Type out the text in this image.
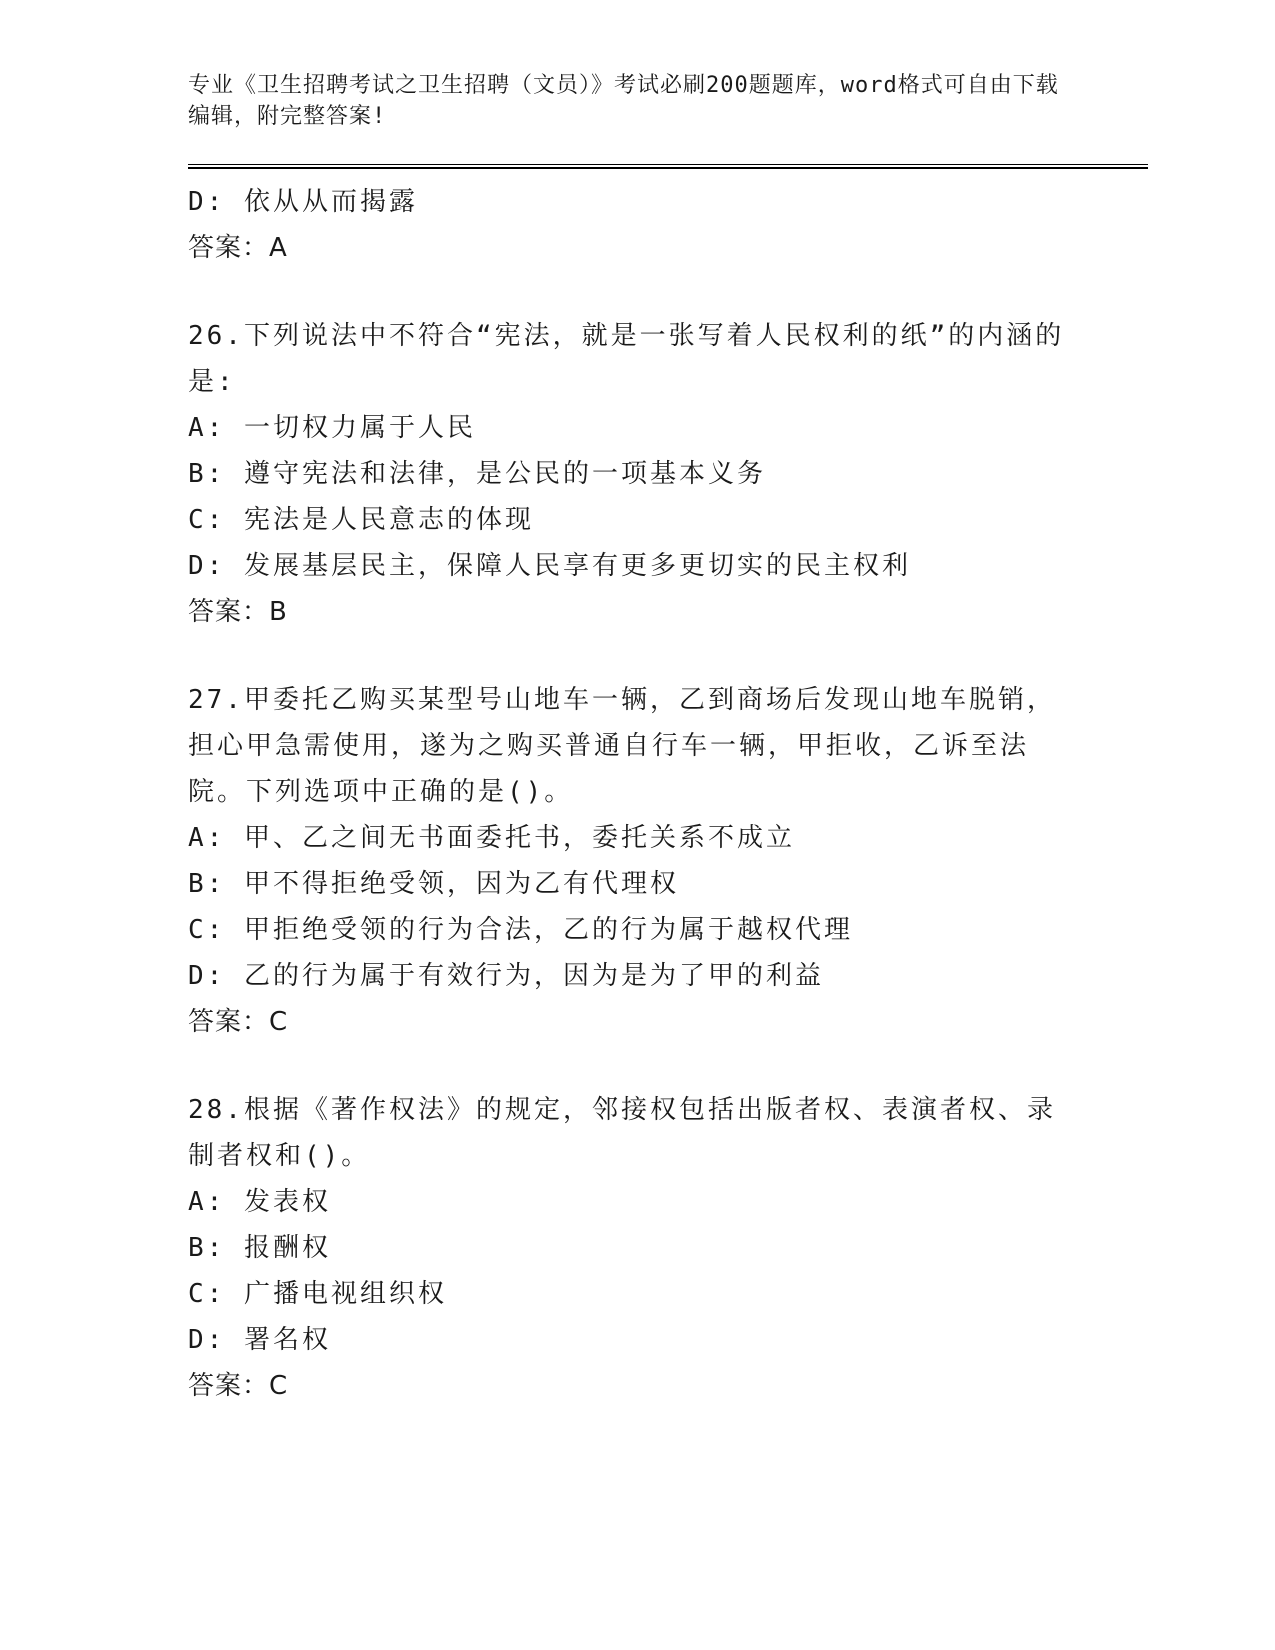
专业《卫生招聘考试之卫生招聘（文员）》考试必刷200题题库，word格式可自由下载编辑，附完整答案!

D: 依从从而揭露
答案：A
26.下列说法中不符合“宪法，就是一张写着人民权利的纸”的内涵的是:
A: 一切权力属于人民
B: 遵守宪法和法律，是公民的一项基本义务
C: 宪法是人民意志的体现
D: 发展基层民主，保障人民享有更多更切实的民主权利
答案：B
27.甲委托乙购买某型号山地车一辆，乙到商场后发现山地车脱销，担心甲急需使用，遂为之购买普通自行车一辆，甲拒收，乙诉至法院。下列选项中正确的是()。
A: 甲、乙之间无书面委托书，委托关系不成立
B: 甲不得拒绝受领，因为乙有代理权
C: 甲拒绝受领的行为合法，乙的行为属于越权代理
D: 乙的行为属于有效行为，因为是为了甲的利益
答案：C
28.根据《著作权法》的规定，邻接权包括出版者权、表演者权、录制者权和()。
A: 发表权
B: 报酬权
C: 广播电视组织权
D: 署名权
答案：C
